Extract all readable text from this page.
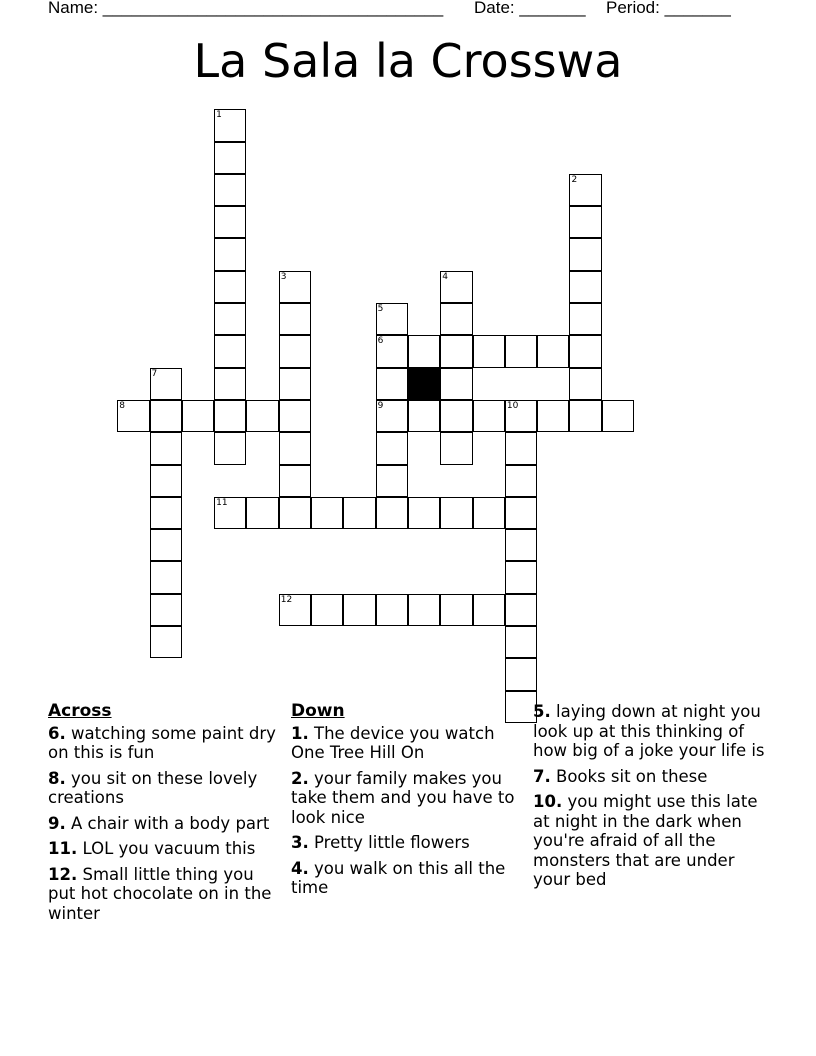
Name: ____________________________________ Date: _______ Period: _______
La Sala la Crosswa
1
2
3	4
5
6
9
7
8	10
11
12
Across
6. watching some paint dry on this is fun
8. you sit on these lovely creations
9. A chair with a body part
11. LOL you vacuum this
12. Small little thing you put hot chocolate on in the winter
Down
1. The device you watch One Tree Hill On
2. your family makes you take them and you have to look nice
3. Pretty little flowers
4. you walk on this all the time
5. laying down at night you look up at this thinking of how big of a joke your life is
7. Books sit on these
10. you might use this late at night in the dark when you're afraid of all the monsters that are under your bed
